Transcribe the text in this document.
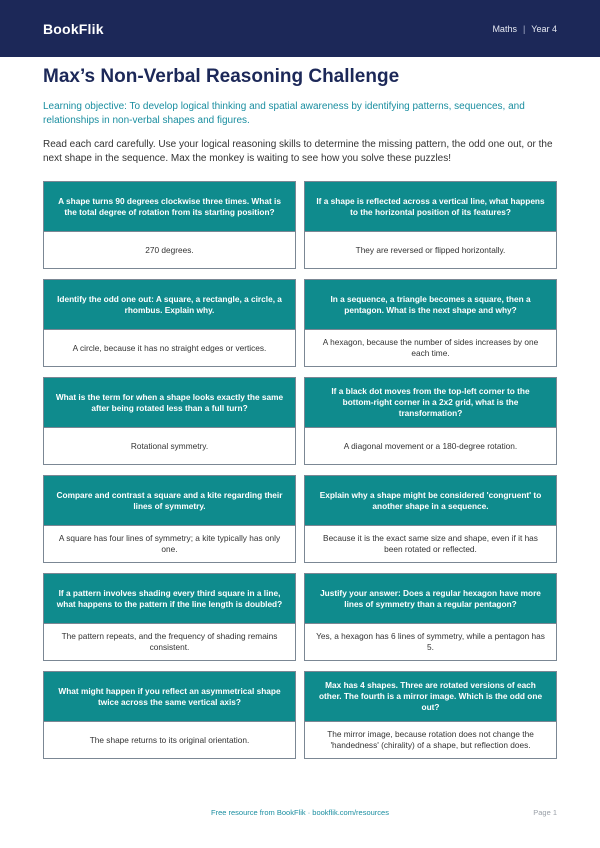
BookFlik	Maths | Year 4
Max’s Non-Verbal Reasoning Challenge

Learning objective: To develop logical thinking and spatial awareness by identifying patterns, sequences, and relationships in non-verbal shapes and figures.

Read each card carefully. Use your logical reasoning skills to determine the missing pattern, the odd one out, or the next shape in the sequence. Max the monkey is waiting to see how you solve these puzzles!

A shape turns 90 degrees clockwise three times. What is the total degree of rotation from its starting position?
270 degrees.
If a shape is reflected across a vertical line, what happens to the horizontal position of its features?
They are reversed or flipped horizontally.
Identify the odd one out: A square, a rectangle, a circle, a rhombus. Explain why.
A circle, because it has no straight edges or vertices.
In a sequence, a triangle becomes a square, then a pentagon. What is the next shape and why?
A hexagon, because the number of sides increases by one each time.
What is the term for when a shape looks exactly the same after being rotated less than a full turn?
Rotational symmetry.
If a black dot moves from the top-left corner to the bottom-right corner in a 2x2 grid, what is the transformation?
A diagonal movement or a 180-degree rotation.
Compare and contrast a square and a kite regarding their lines of symmetry.
A square has four lines of symmetry; a kite typically has only one.
Explain why a shape might be considered 'congruent' to another shape in a sequence.
Because it is the exact same size and shape, even if it has been rotated or reflected.
If a pattern involves shading every third square in a line, what happens to the pattern if the line length is doubled?
The pattern repeats, and the frequency of shading remains consistent.
Justify your answer: Does a regular hexagon have more lines of symmetry than a regular pentagon?
Yes, a hexagon has 6 lines of symmetry, while a pentagon has 5.
What might happen if you reflect an asymmetrical shape twice across the same vertical axis?
The shape returns to its original orientation.
Max has 4 shapes. Three are rotated versions of each other. The fourth is a mirror image. Which is the odd one out?
The mirror image, because rotation does not change the 'handedness' (chirality) of a shape, but reflection does.

Free resource from BookFlik · bookflik.com/resources	Page 1
